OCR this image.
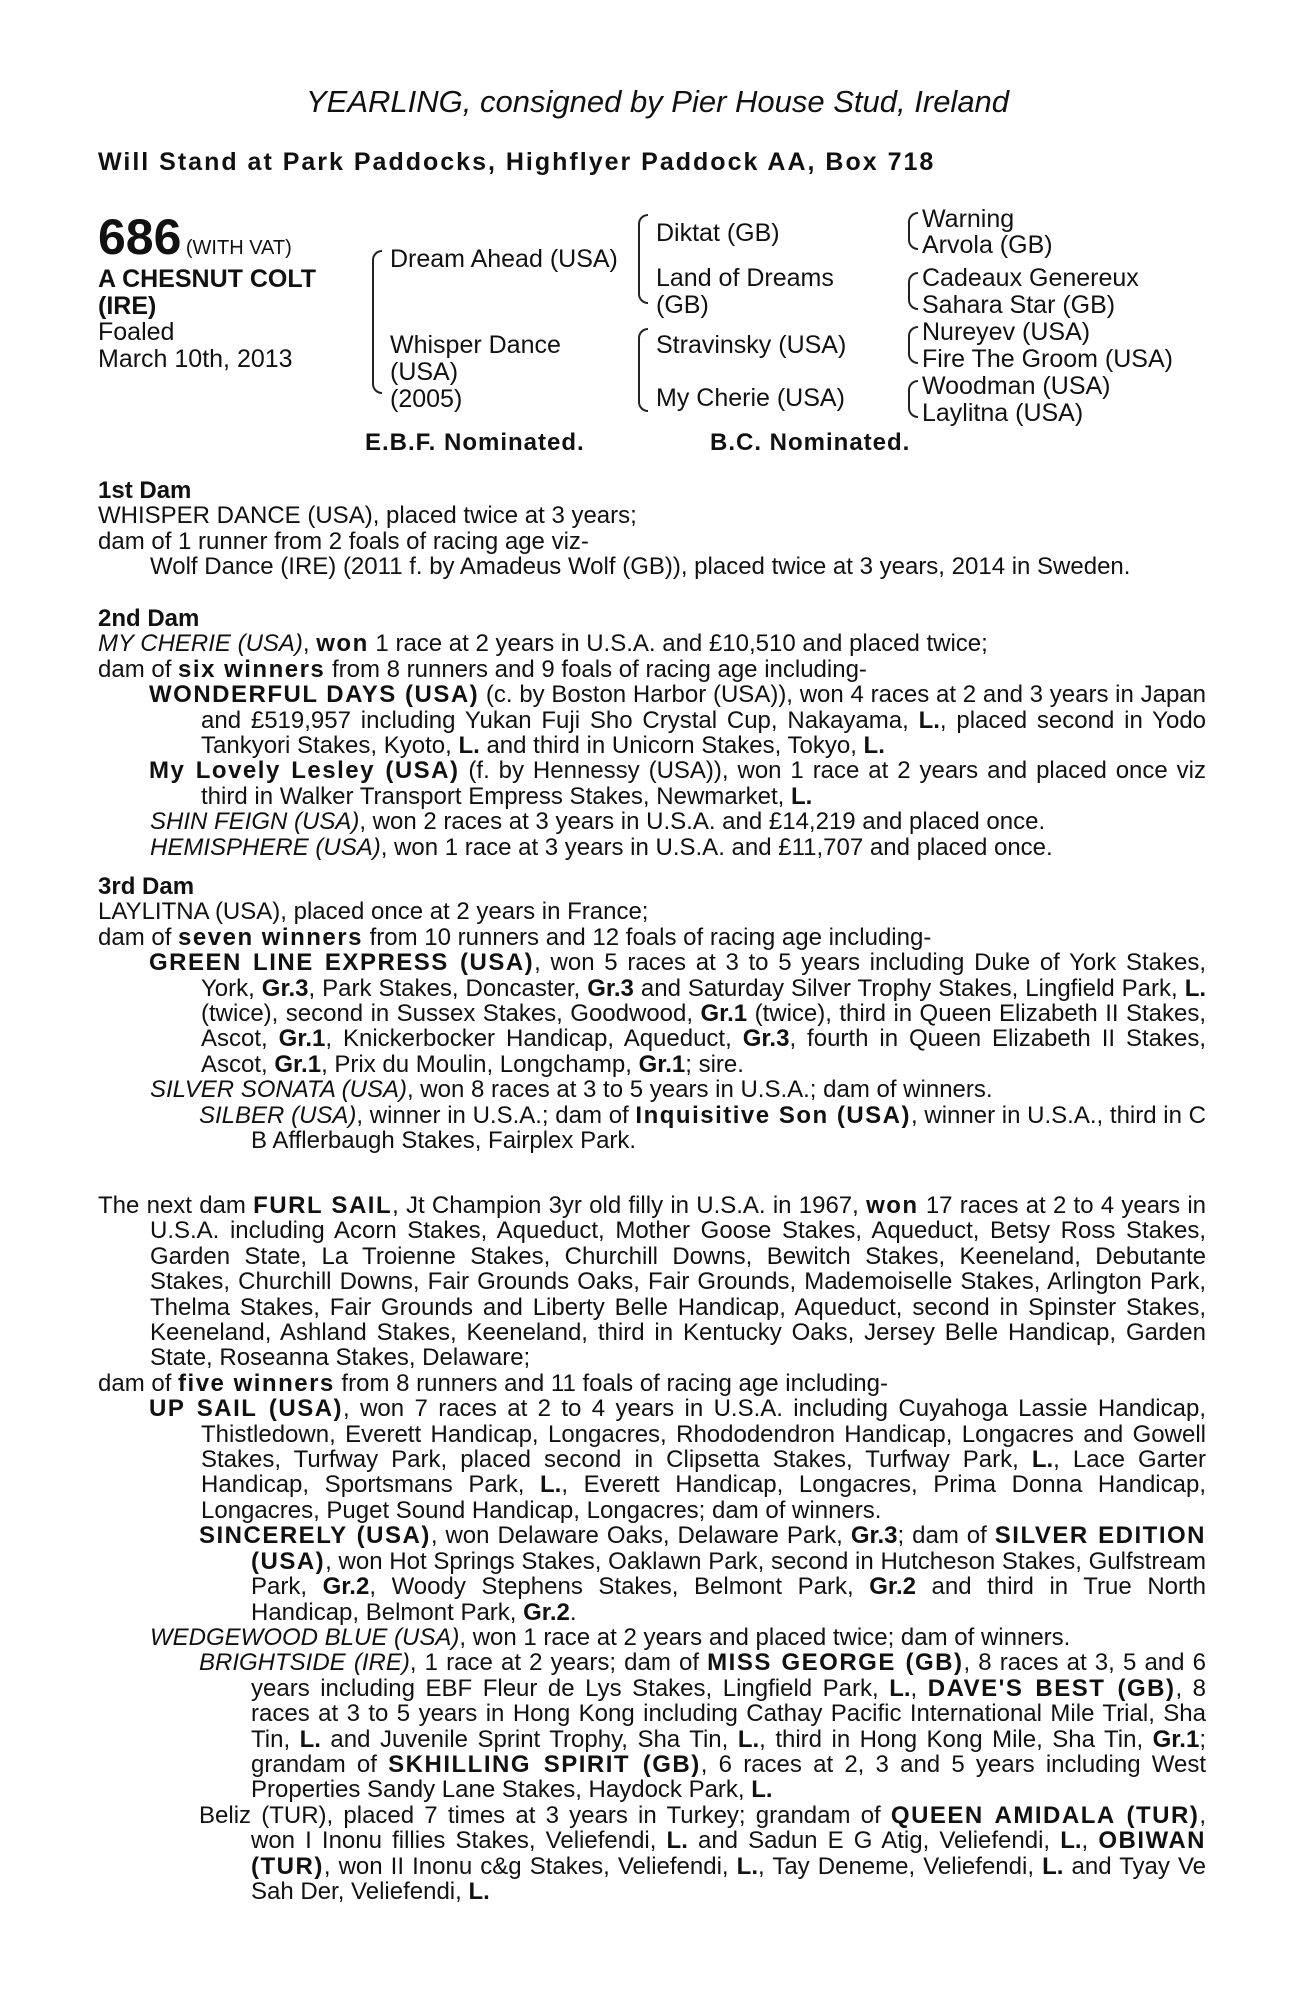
YEARLING, consigned by Pier House Stud, Ireland
Will Stand at Park Paddocks, Highflyer Paddock AA, Box 718
686 (WITH VAT)
A CHESNUT COLT
(IRE)
Foaled
March 10th, 2013
Dream Ahead (USA)
Whisper Dance
(USA)
(2005)
Diktat (GB)
Land of Dreams
(GB)
Stravinsky (USA)
My Cherie (USA)
Warning
Arvola (GB)
Cadeaux Genereux
Sahara Star (GB)
Nureyev (USA)
Fire The Groom (USA)
Woodman (USA)
Laylitna (USA)
E.B.F. Nominated.	B.C. Nominated.

1st Dam

WHISPER DANCE (USA), placed twice at 3 years;

dam of 1 runner from 2 foals of racing age viz-

Wolf Dance (IRE) (2011 f. by Amadeus Wolf (GB)), placed twice at 3 years, 2014 in Sweden.

2nd Dam

MY CHERIE (USA), won 1 race at 2 years in U.S.A. and £10,510 and placed twice;

dam of six winners from 8 runners and 9 foals of racing age including-

WONDERFUL DAYS (USA) (c. by Boston Harbor (USA)), won 4 races at 2 and 3 years in Japan and £519,957 including Yukan Fuji Sho Crystal Cup, Nakayama, L., placed second in Yodo Tankyori Stakes, Kyoto, L. and third in Unicorn Stakes, Tokyo, L.

My Lovely Lesley (USA) (f. by Hennessy (USA)), won 1 race at 2 years and placed once viz third in Walker Transport Empress Stakes, Newmarket, L.

SHIN FEIGN (USA), won 2 races at 3 years in U.S.A. and £14,219 and placed once.

HEMISPHERE (USA), won 1 race at 3 years in U.S.A. and £11,707 and placed once.

3rd Dam

LAYLITNA (USA), placed once at 2 years in France;

dam of seven winners from 10 runners and 12 foals of racing age including-

GREEN LINE EXPRESS (USA), won 5 races at 3 to 5 years including Duke of York Stakes, York, Gr.3, Park Stakes, Doncaster, Gr.3 and Saturday Silver Trophy Stakes, Lingfield Park, L. (twice), second in Sussex Stakes, Goodwood, Gr.1 (twice), third in Queen Elizabeth II Stakes, Ascot, Gr.1, Knickerbocker Handicap, Aqueduct, Gr.3, fourth in Queen Elizabeth II Stakes, Ascot, Gr.1, Prix du Moulin, Longchamp, Gr.1; sire.

SILVER SONATA (USA), won 8 races at 3 to 5 years in U.S.A.; dam of winners.

SILBER (USA), winner in U.S.A.; dam of Inquisitive Son (USA), winner in U.S.A., third in C B Afflerbaugh Stakes, Fairplex Park.

The next dam FURL SAIL, Jt Champion 3yr old filly in U.S.A. in 1967, won 17 races at 2 to 4 years in U.S.A. including Acorn Stakes, Aqueduct, Mother Goose Stakes, Aqueduct, Betsy Ross Stakes, Garden State, La Troienne Stakes, Churchill Downs, Bewitch Stakes, Keeneland, Debutante Stakes, Churchill Downs, Fair Grounds Oaks, Fair Grounds, Mademoiselle Stakes, Arlington Park, Thelma Stakes, Fair Grounds and Liberty Belle Handicap, Aqueduct, second in Spinster Stakes, Keeneland, Ashland Stakes, Keeneland, third in Kentucky Oaks, Jersey Belle Handicap, Garden State, Roseanna Stakes, Delaware;

dam of five winners from 8 runners and 11 foals of racing age including-

UP SAIL (USA), won 7 races at 2 to 4 years in U.S.A. including Cuyahoga Lassie Handicap, Thistledown, Everett Handicap, Longacres, Rhododendron Handicap, Longacres and Gowell Stakes, Turfway Park, placed second in Clipsetta Stakes, Turfway Park, L., Lace Garter Handicap, Sportsmans Park, L., Everett Handicap, Longacres, Prima Donna Handicap, Longacres, Puget Sound Handicap, Longacres; dam of winners.

SINCERELY (USA), won Delaware Oaks, Delaware Park, Gr.3; dam of SILVER EDITION (USA), won Hot Springs Stakes, Oaklawn Park, second in Hutcheson Stakes, Gulfstream Park, Gr.2, Woody Stephens Stakes, Belmont Park, Gr.2 and third in True North Handicap, Belmont Park, Gr.2.

WEDGEWOOD BLUE (USA), won 1 race at 2 years and placed twice; dam of winners.

BRIGHTSIDE (IRE), 1 race at 2 years; dam of MISS GEORGE (GB), 8 races at 3, 5 and 6 years including EBF Fleur de Lys Stakes, Lingfield Park, L., DAVE'S BEST (GB), 8 races at 3 to 5 years in Hong Kong including Cathay Pacific International Mile Trial, Sha Tin, L. and Juvenile Sprint Trophy, Sha Tin, L., third in Hong Kong Mile, Sha Tin, Gr.1; grandam of SKHILLING SPIRIT (GB), 6 races at 2, 3 and 5 years including West Properties Sandy Lane Stakes, Haydock Park, L.

Beliz (TUR), placed 7 times at 3 years in Turkey; grandam of QUEEN AMIDALA (TUR), won I Inonu fillies Stakes, Veliefendi, L. and Sadun E G Atig, Veliefendi, L., OBIWAN (TUR), won II Inonu c&g Stakes, Veliefendi, L., Tay Deneme, Veliefendi, L. and Tyay Ve Sah Der, Veliefendi, L.
